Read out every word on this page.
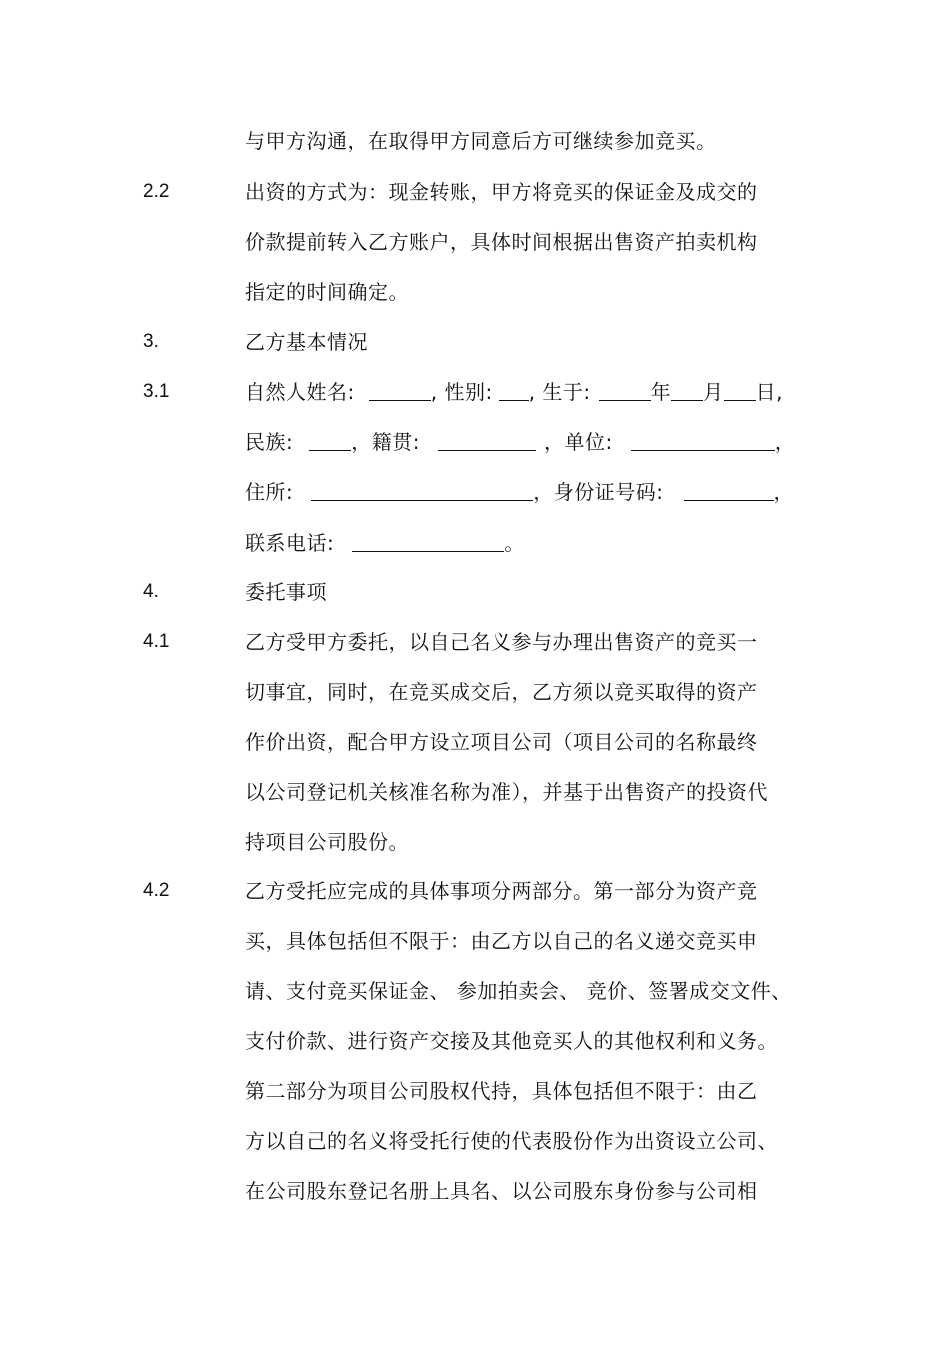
与甲方沟通，在取得甲方同意后方可继续参加竞买。
2.2	出资的方式为：现金转账，甲方将竞买的保证金及成交的
价款提前转入乙方账户，具体时间根据出售资产拍卖机构
指定的时间确定。
3.	乙方基本情况
3.1	自然人姓名:	, 性别: , 生于:	年 月 日,
民族:	，籍贯:	，单位:	，
住所:	，身份证号码:	，
联系电话:	。
4.	委托事项
4.1	乙方受甲方委托，以自己名义参与办理出售资产的竞买一
切事宜，同时，在竞买成交后，乙方须以竞买取得的资产
作价出资，配合甲方设立项目公司（项目公司的名称最终
以公司登记机关核准名称为准），并基于出售资产的投资代
持项目公司股份。
4.2	乙方受托应完成的具体事项分两部分。第一部分为资产竞
买，具体包括但不限于：由乙方以自己的名义递交竞买申
请、支付竞买保证金、 参加拍卖会、 竞价、签署成交文件、
支付价款、进行资产交接及其他竞买人的其他权利和义务。
第二部分为项目公司股权代持，具体包括但不限于：由乙
方以自己的名义将受托行使的代表股份作为出资设立公司、
在公司股东登记名册上具名、以公司股东身份参与公司相
